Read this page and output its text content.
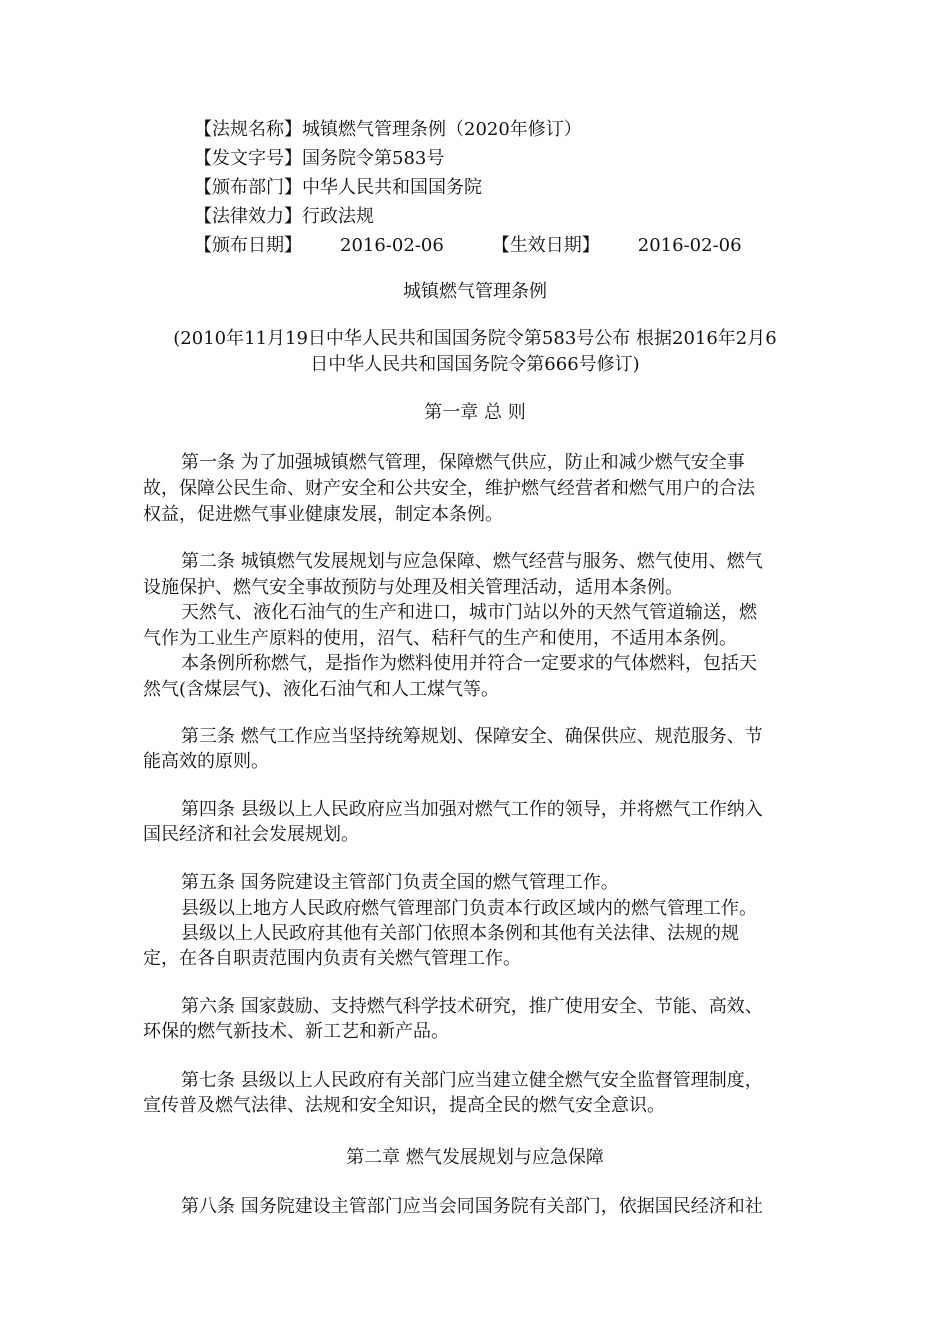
【法规名称】城镇燃气管理条例（2020年修订）
【发文字号】国务院令第583号
【颁布部门】中华人民共和国国务院
【法律效力】行政法规
【颁布日期】 2016-02-06	【生效日期】 2016-02-06
城镇燃气管理条例
(2010年11月19日中华人民共和国国务院令第583号公布 根据2016年2月6
日中华人民共和国国务院令第666号修订)
第一章 总 则
第一条 为了加强城镇燃气管理，保障燃气供应，防止和减少燃气安全事
故，保障公民生命、财产安全和公共安全，维护燃气经营者和燃气用户的合法
权益，促进燃气事业健康发展，制定本条例。
第二条 城镇燃气发展规划与应急保障、燃气经营与服务、燃气使用、燃气
设施保护、燃气安全事故预防与处理及相关管理活动，适用本条例。
天然气、液化石油气的生产和进口，城市门站以外的天然气管道输送，燃
气作为工业生产原料的使用，沼气、秸秆气的生产和使用，不适用本条例。
本条例所称燃气，是指作为燃料使用并符合一定要求的气体燃料，包括天
然气(含煤层气)、液化石油气和人工煤气等。
第三条 燃气工作应当坚持统筹规划、保障安全、确保供应、规范服务、节
能高效的原则。
第四条 县级以上人民政府应当加强对燃气工作的领导，并将燃气工作纳入
国民经济和社会发展规划。
第五条 国务院建设主管部门负责全国的燃气管理工作。
县级以上地方人民政府燃气管理部门负责本行政区域内的燃气管理工作。
县级以上人民政府其他有关部门依照本条例和其他有关法律、法规的规
定，在各自职责范围内负责有关燃气管理工作。
第六条 国家鼓励、支持燃气科学技术研究，推广使用安全、节能、高效、
环保的燃气新技术、新工艺和新产品。
第七条 县级以上人民政府有关部门应当建立健全燃气安全监督管理制度，
宣传普及燃气法律、法规和安全知识，提高全民的燃气安全意识。
第二章 燃气发展规划与应急保障
第八条 国务院建设主管部门应当会同国务院有关部门，依据国民经济和社
